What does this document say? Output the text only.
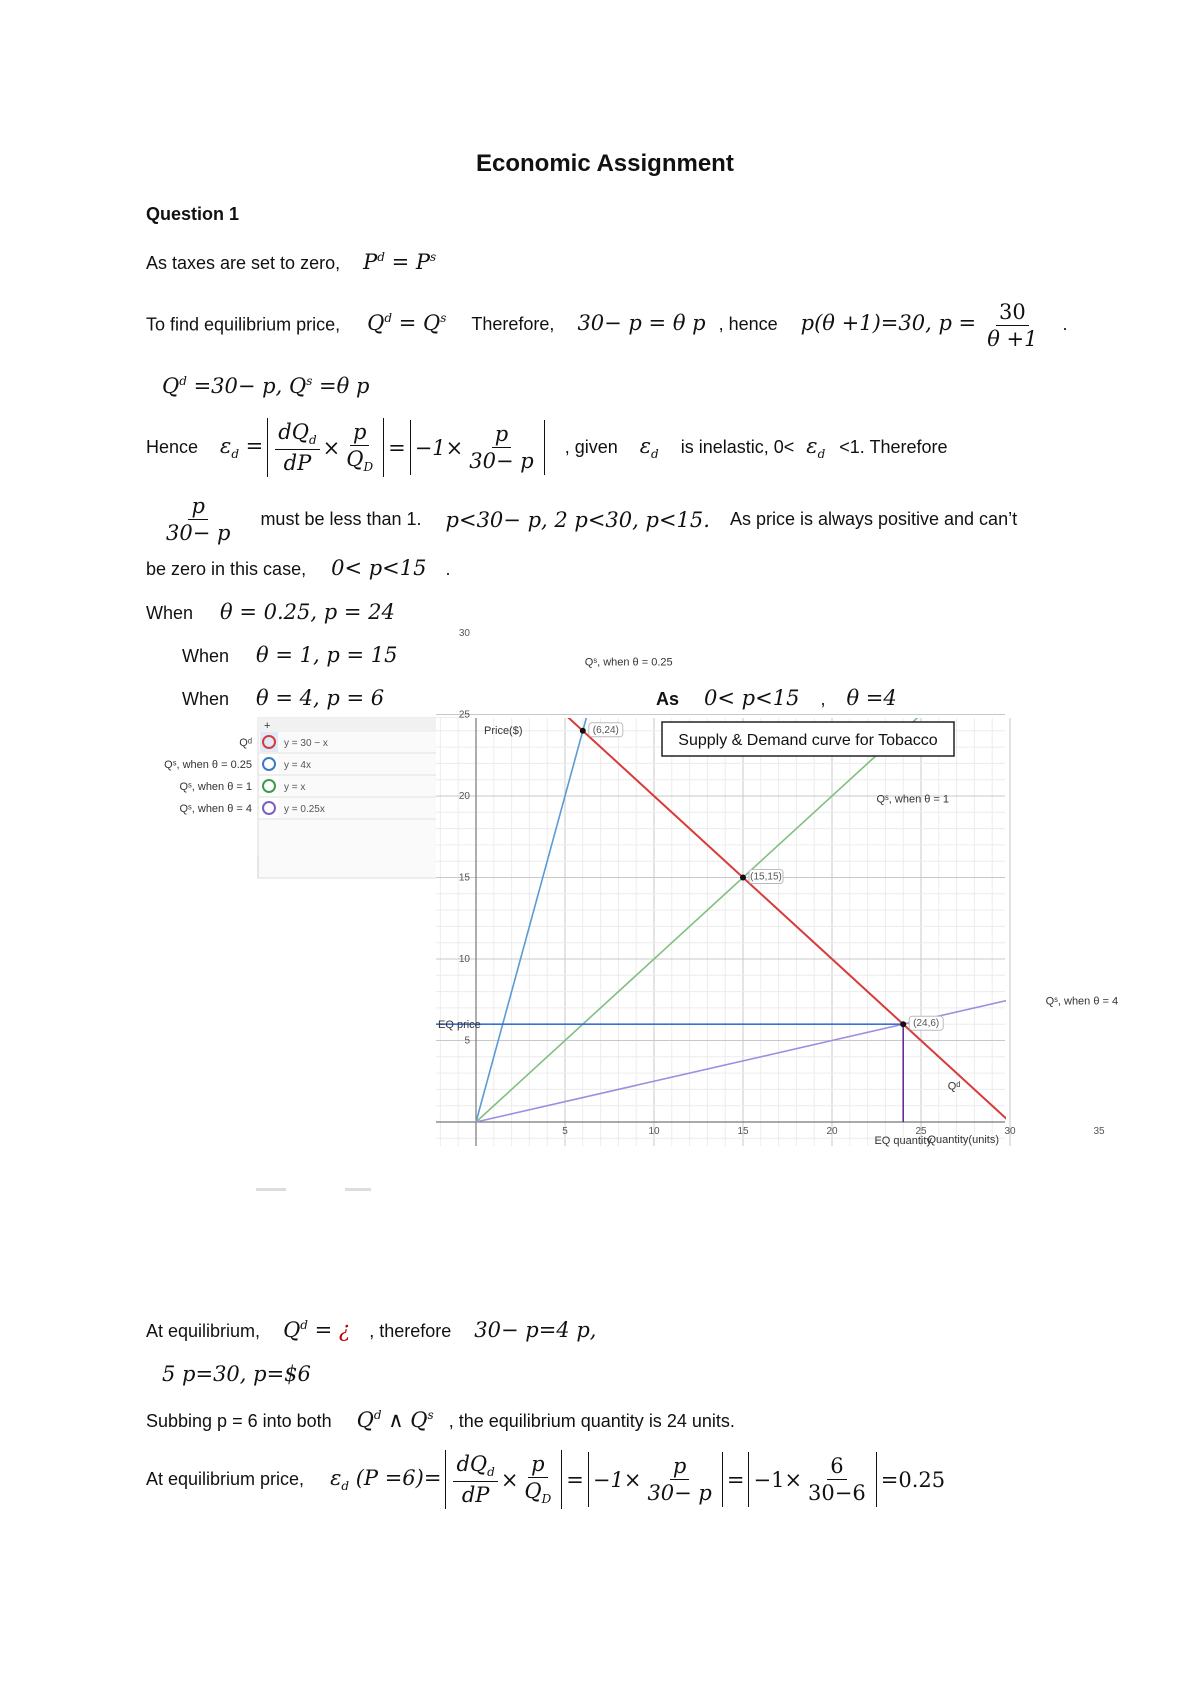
Economic Assignment
Question 1
As taxes are set to zero, $P^d = P^s$
To find equilibrium price, $Q^d = Q^s$ Therefore, 30− p = θ p , hence p(θ +1)=30, $p = \frac{30}{\theta +1}$ .
$Q^d =30- p$, $Q^s =\theta$ p
Hence $\varepsilon_d = \frac{dQ_d}{dP} \times \frac{p}{Q_D} = -1\times \frac{p}{30- p}$ , given $\varepsilon_d$ is inelastic, $0< \varepsilon_d <1$. Therefore
$\frac{p}{30- p}$ must be less than 1. p<30− p, 2 p<30, p<15. As price is always positive and can’t
be zero in this case, 0< p<15 .
When θ = 0.25, p = 24
When θ = 1, p = 15
When θ = 4, p = 6	As 0< p<15 , θ =4
+
Qᵈ	y = 30 − x
Qˢ, when θ = 0.25	y = 4x
Qˢ, when θ = 1	y = x
Qˢ, when θ = 4	y = 0.25x
5	10	15	20	25	30	35
5
10
15
20
25
30
Price($)
Quantity(units)
EQ price
EQ quantity
(6,24)
(15,15)
(24,6)
Qˢ, when θ = 0.25
Qˢ, when θ = 1
Qˢ, when θ = 4
Qᵈ
Supply & Demand curve for Tobacco
At equilibrium, $Q^d$ = ¿ , therefore 30− p=4 p,
5 p=30, p=$6
Subbing p = 6 into both $Q^d$ ∧ $Q^s$ , the equilibrium quantity is 24 units.
At equilibrium price, $\varepsilon_d$ $(P =6)= \frac{dQ_d}{dP} \times \frac{p}{Q_D} = -1\times \frac{p}{30- p} = -1\times \frac{6}{30-6} = 0.25$
